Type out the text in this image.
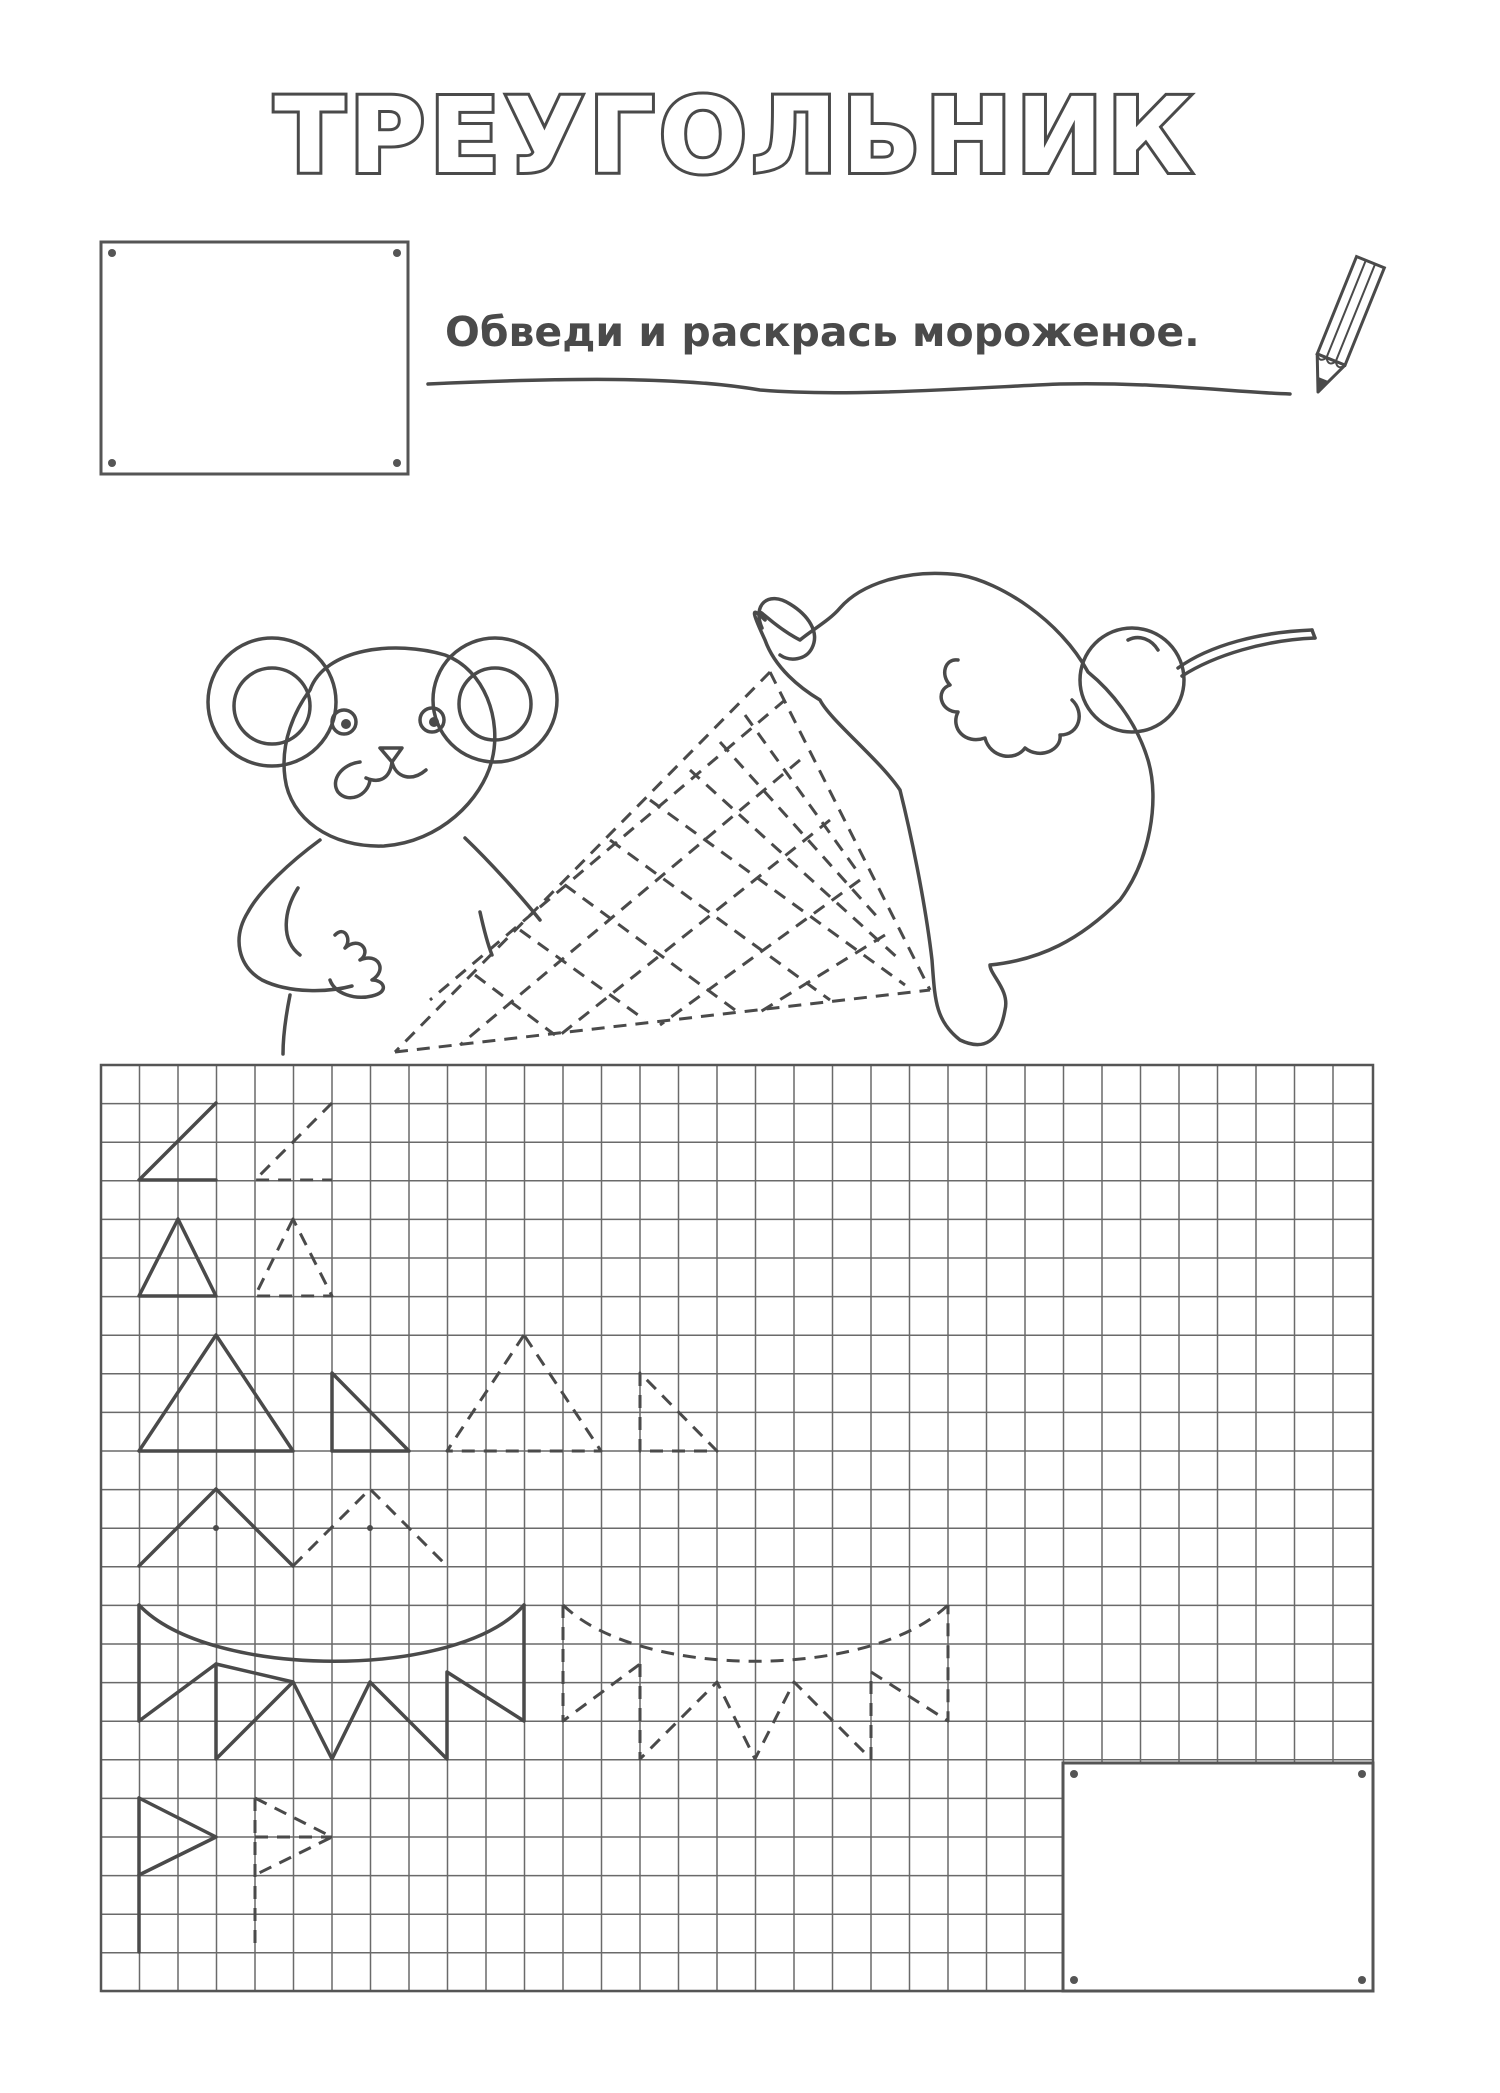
ТРЕУГОЛЬНИК
Обведи и раскрась мороженое.
